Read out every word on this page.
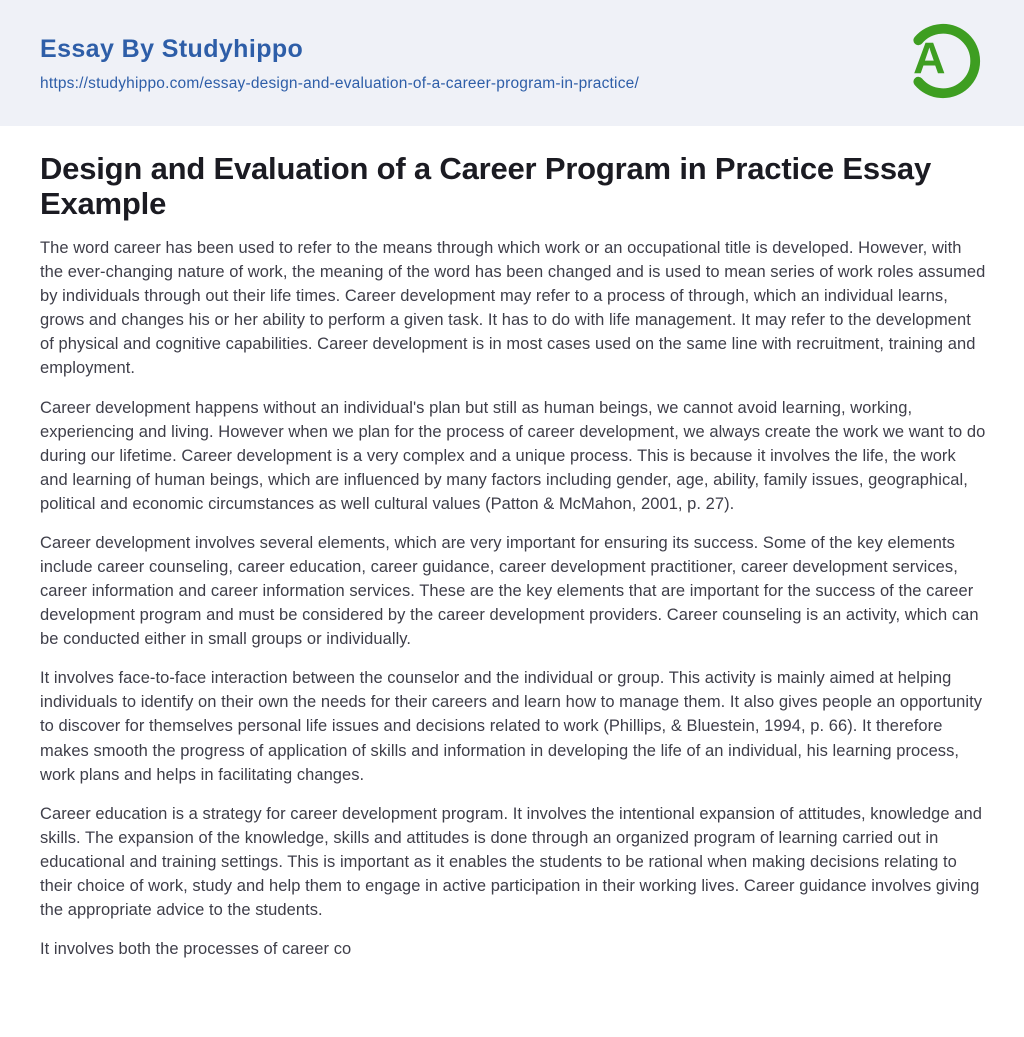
Essay By Studyhippo
https://studyhippo.com/essay-design-and-evaluation-of-a-career-program-in-practice/	A
Design and Evaluation of a Career Program in Practice Essay Example

The word career has been used to refer to the means through which work or an occupational title is developed. However, with the ever-changing nature of work, the meaning of the word has been changed and is used to mean series of work roles assumed by individuals through out their life times. Career development may refer to a process of through, which an individual learns, grows and changes his or her ability to perform a given task. It has to do with life management. It may refer to the development of physical and cognitive capabilities. Career development is in most cases used on the same line with recruitment, training and employment.

Career development happens without an individual's plan but still as human beings, we cannot avoid learning, working, experiencing and living. However when we plan for the process of career development, we always create the work we want to do during our lifetime. Career development is a very complex and a unique process. This is because it involves the life, the work and learning of human beings, which are influenced by many factors including gender, age, ability, family issues, geographical, political and economic circumstances as well cultural values (Patton & McMahon, 2001, p. 27).

Career development involves several elements, which are very important for ensuring its success. Some of the key elements include career counseling, career education, career guidance, career development practitioner, career development services, career information and career information services. These are the key elements that are important for the success of the career development program and must be considered by the career development providers. Career counseling is an activity, which can be conducted either in small groups or individually.

It involves face-to-face interaction between the counselor and the individual or group. This activity is mainly aimed at helping individuals to identify on their own the needs for their careers and learn how to manage them. It also gives people an opportunity to discover for themselves personal life issues and decisions related to work (Phillips, & Bluestein, 1994, p. 66). It therefore makes smooth the progress of application of skills and information in developing the life of an individual, his learning process, work plans and helps in facilitating changes.

Career education is a strategy for career development program. It involves the intentional expansion of attitudes, knowledge and skills. The expansion of the knowledge, skills and attitudes is done through an organized program of learning carried out in educational and training settings. This is important as it enables the students to be rational when making decisions relating to their choice of work, study and help them to engage in active participation in their working lives. Career guidance involves giving the appropriate advice to the students.

It involves both the processes of career co
